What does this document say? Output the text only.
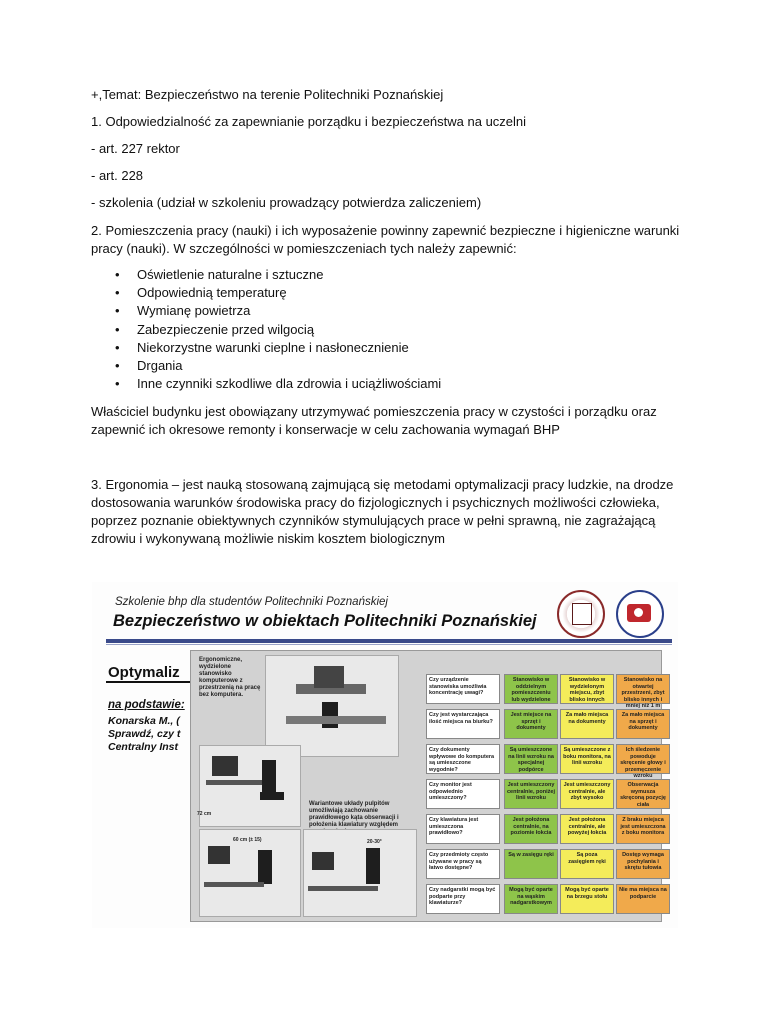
+,Temat: Bezpieczeństwo na terenie Politechniki Poznańskiej

1. Odpowiedzialność za zapewnianie porządku i bezpieczeństwa na uczelni

- art. 227 rektor

- art. 228

- szkolenia (udział w szkoleniu prowadzący potwierdza zaliczeniem)

2. Pomieszczenia pracy (nauki) i ich wyposażenie powinny zapewnić bezpieczne i higieniczne warunki pracy (nauki). W szczególności w pomieszczeniach tych należy zapewnić:

• Oświetlenie naturalne i sztuczne
• Odpowiednią temperaturę
• Wymianę powietrza
• Zabezpieczenie przed wilgocią
• Niekorzystne warunki cieplne i nasłonecznienie
• Drgania
• Inne czynniki szkodliwe dla zdrowia i uciążliwościami

Właściciel budynku jest obowiązany utrzymywać pomieszczenia pracy w czystości i porządku oraz zapewnić ich okresowe remonty i konserwacje w celu zachowania wymagań BHP

3. Ergonomia – jest nauką stosowaną zajmującą się metodami optymalizacji pracy ludzkie, na drodze dostosowania warunków środowiska pracy do fizjologicznych i psychicznych możliwości człowieka, poprzez poznanie obiektywnych czynników stymulujących prace w pełni sprawną, nie zagrażającą zdrowiu i wykonywaną możliwie niskim kosztem biologicznym

Szkolenie bhp dla studentów Politechniki Poznańskiej
Bezpieczeństwo w obiektach Politechniki Poznańskiej
Optymaliz
na podstawie:
Konarska M., (
Sprawdź, czy t
Centralny Inst
Ergonomiczne, wydzielone stanowisko komputerowe z przestrzenią na pracę bez komputera.
72 cm
Wariantowe układy pulpitów umożliwiają zachowanie prawidłowego kąta obserwacji i położenia klawiatury względem
60 cm (± 15)	20-30°
Czy urządzenie stanowiska umożliwia koncentrację uwagi?
Stanowisko w oddzielnym pomieszczeniu lub wydzielone
Stanowisko w wydzielonym miejscu, zbyt blisko innych
Stanowisko na otwartej przestrzeni, zbyt blisko innych i mniej niż 1 m
Czy jest wystarczająca ilość miejsca na biurku?
Jest miejsce na sprzęt i dokumenty
Za mało miejsca na dokumenty
Za mało miejsca na sprzęt i dokumenty
Czy dokumenty wpływowe do komputera są umieszczone wygodnie?
Są umieszczone na linii wzroku na specjalnej podpórce
Są umieszczone z boku monitora, na linii wzroku
Ich śledzenie powoduje skręcenie głowy i przemęczenie wzroku
Czy monitor jest odpowiednio umieszczony?
Jest umieszczony centralnie, poniżej linii wzroku
Jest umieszczony centralnie, ale zbyt wysoko
Obserwacja wymusza skręconą pozycję ciała
Czy klawiatura jest umieszczona prawidłowo?
Jest położona centralnie, na poziomie łokcia
Jest położona centralnie, ale powyżej łokcia
Z braku miejsca jest umieszczona z boku monitora
Czy przedmioty często używane w pracy są łatwo dostępne?
Są w zasięgu ręki	Są poza zasięgiem ręki
Dostęp wymaga pochylania i skrętu tułowia
Czy nadgarstki mogą być podparte przy klawiaturze?
Mogą być oparte na wąskim nadgarstkowym
Mogą być oparte na brzegu stołu
Nie ma miejsca na podparcie
